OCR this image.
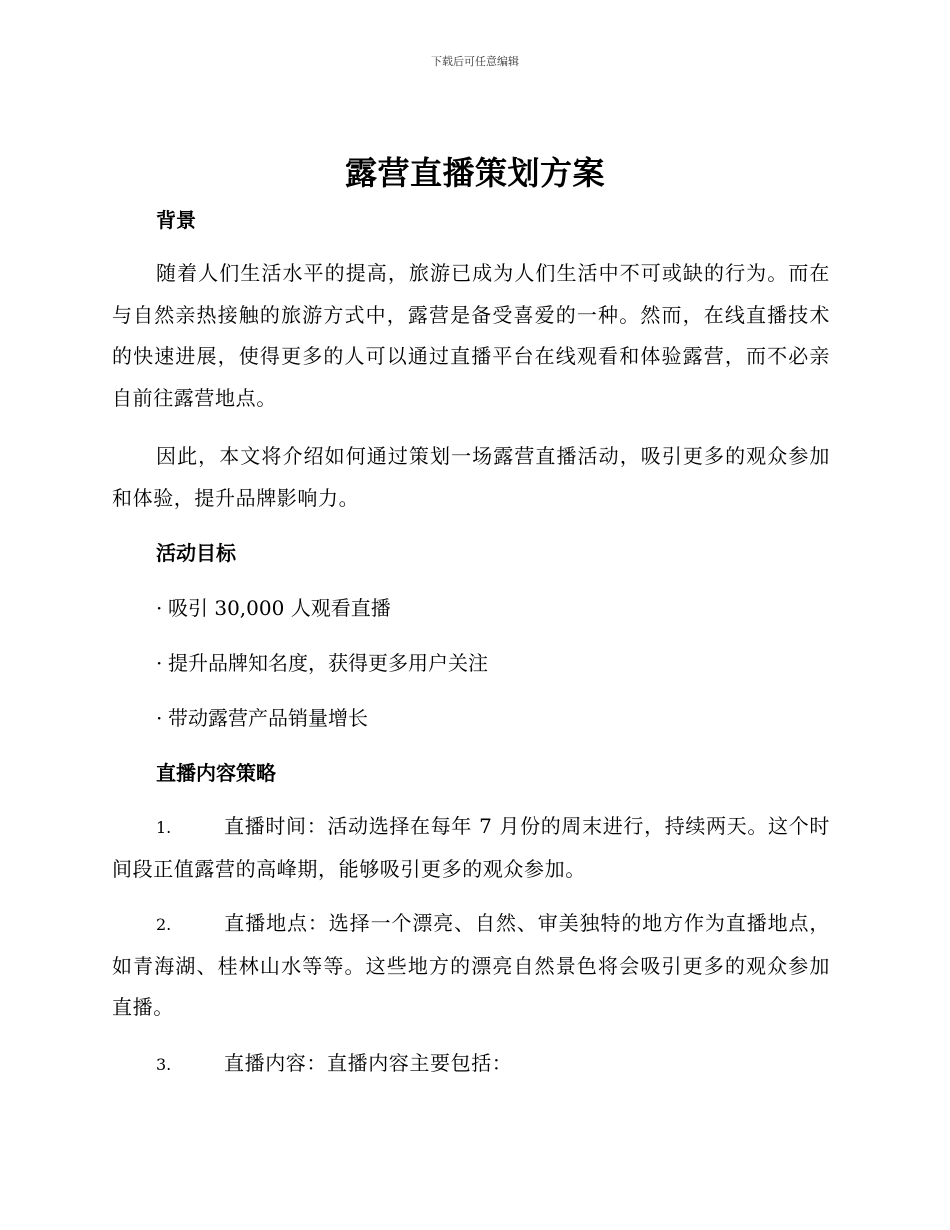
下载后可任意编辑
露营直播策划方案
背景

随着人们生活水平的提高，旅游已成为人们生活中不可或缺的行为。而在与自然亲热接触的旅游方式中，露营是备受喜爱的一种。然而，在线直播技术的快速进展，使得更多的人可以通过直播平台在线观看和体验露营，而不必亲自前往露营地点。

因此，本文将介绍如何通过策划一场露营直播活动，吸引更多的观众参加和体验，提升品牌影响力。

活动目标
· 吸引 30,000 人观看直播
· 提升品牌知名度，获得更多用户关注
· 带动露营产品销量增长
直播内容策略

1.	直播时间：活动选择在每年 7 月份的周末进行，持续两天。这个时间段正值露营的高峰期，能够吸引更多的观众参加。

2.	直播地点：选择一个漂亮、自然、审美独特的地方作为直播地点，如青海湖、桂林山水等等。这些地方的漂亮自然景色将会吸引更多的观众参加直播。

3.	直播内容：直播内容主要包括：
